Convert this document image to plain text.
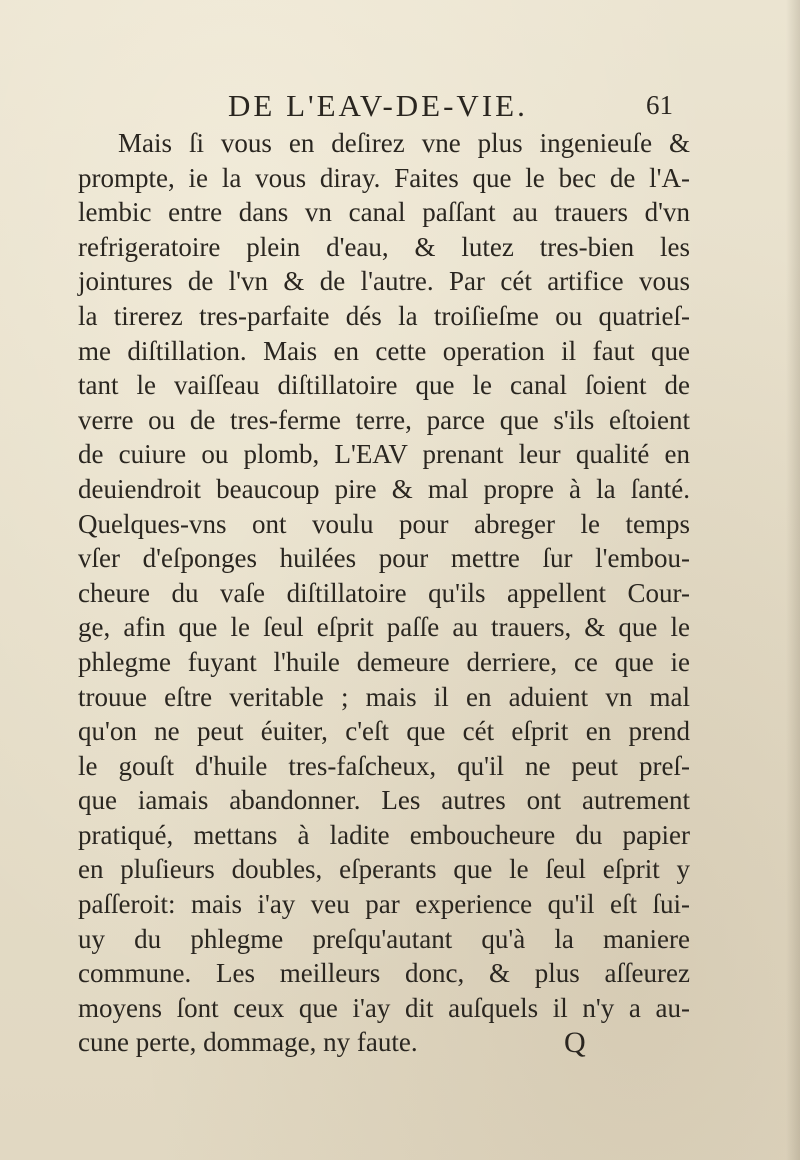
DE L'EAV-DE-VIE.	61
Mais ſi vous en deſirez vne plus ingenieuſe &
prompte, ie la vous diray. Faites que le bec de l'A-
lembic entre dans vn canal paſſant au trauers d'vn
refrigeratoire plein d'eau, & lutez tres-bien les
jointures de l'vn & de l'autre. Par cét artifice vous
la tirerez tres-parfaite dés la troiſieſme ou quatrieſ-
me diſtillation. Mais en cette operation il faut que
tant le vaiſſeau diſtillatoire que le canal ſoient de
verre ou de tres-ferme terre, parce que s'ils eſtoient
de cuiure ou plomb, L'EAV prenant leur qualité en
deuiendroit beaucoup pire & mal propre à la ſanté.
Quelques-vns ont voulu pour abreger le temps
vſer d'eſponges huilées pour mettre ſur l'embou-
cheure du vaſe diſtillatoire qu'ils appellent Cour-
ge, afin que le ſeul eſprit paſſe au trauers, & que le
phlegme fuyant l'huile demeure derriere, ce que ie
trouue eſtre veritable ; mais il en aduient vn mal
qu'on ne peut éuiter, c'eſt que cét eſprit en prend
le gouſt d'huile tres-faſcheux, qu'il ne peut preſ-
que iamais abandonner. Les autres ont autrement
pratiqué, mettans à ladite emboucheure du papier
en pluſieurs doubles, eſperants que le ſeul eſprit y
paſſeroit: mais i'ay veu par experience qu'il eſt ſui-
uy du phlegme preſqu'autant qu'à la maniere
commune. Les meilleurs donc, & plus aſſeurez
moyens ſont ceux que i'ay dit auſquels il n'y a au-
cune perte, dommage, ny faute.	Q
